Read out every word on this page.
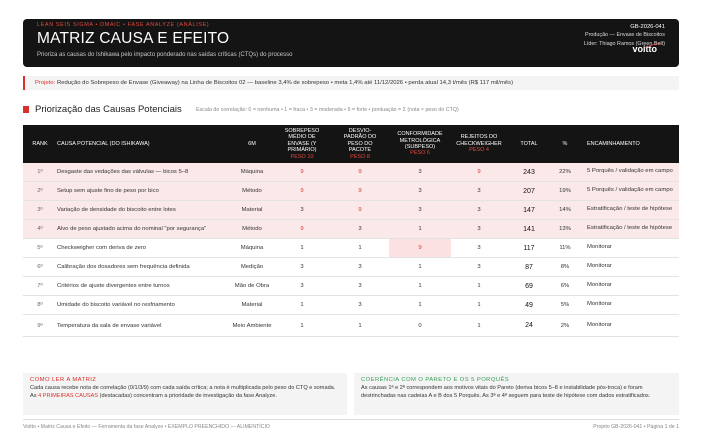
LEAN SEIS SIGMA • DMAIC • FASE ANALYZE (ANÁLISE)
MATRIZ CAUSA E EFEITO
Prioriza as causas do Ishikawa pelo impacto ponderado nas saídas críticas (CTQs) do processo
GB-2026-041
Produção — Envase de Biscoitos
Líder: Thiago Ramos (Green Belt)
voitto
Projeto: Redução do Sobrepeso de Envase (Giveaway) na Linha de Biscoitos 02 — baseline 3,4% de sobrepeso • meta 1,4% até 11/12/2026 • perda atual 14,3 t/mês (R$ 117 mil/mês)
Priorização das Causas Potenciais	Escala de correlação: 0 = nenhuma • 1 = fraca • 3 = moderada • 9 = forte • pontuação = Σ (nota × peso do CTQ)
RANK	CAUSA POTENCIAL (DO ISHIKAWA)	6M
SOBREPESO
MÉDIO DE
ENVASE (Y
PRIMÁRIO)
PESO 10
DESVIO-
PADRÃO DO
PESO DO
PACOTE
PESO 8
CONFORMIDADE
METROLÓGICA
(SUBPESO)
PESO 6
REJEITOS DO
CHECKWEIGHER
PESO 4
TOTAL	%	ENCAMINHAMENTO
1º	Desgaste das vedações das válvulas — bicos 5–8	Máquina	9	9	3	9	243	22%	5 Porquês / validação em campo
2º	Setup sem ajuste fino de peso por bico	Método	9	9	3	3	207	19%	5 Porquês / validação em campo
3º	Variação de densidade do biscoito entre lotes	Material	3	9	3	3	147	14%	Estratificação / teste de hipótese
4º	Alvo de peso ajustado acima do nominal "por segurança"	Método	9	3	1	3	141	13%	Estratificação / teste de hipótese
5º	Checkweigher com deriva de zero	Máquina	1	1	9	3	117	11%	Monitorar
6º	Calibração dos dosadores sem frequência definida	Medição	3	3	1	3	87	8%	Monitorar
7º	Critérios de ajuste divergentes entre turnos	Mão de Obra	3	3	1	1	69	6%	Monitorar
8º	Umidade do biscoito variável no resfriamento	Material	1	3	1	1	49	5%	Monitorar
9º	Temperatura da sala de envase variável	Meio Ambiente	1	1	0	1	24	2%	Monitorar
COMO LER A MATRIZ
Cada causa recebe nota de correlação (0/1/3/9) com cada saída crítica; a nota é multiplicada pelo peso do CTQ e somada. As 4 PRIMEIRAS CAUSAS (destacadas) concentram a prioridade de investigação da fase Analyze.
COERÊNCIA COM O PARETO E OS 5 PORQUÊS
As causas 1ª e 2ª correspondem aos motivos vitais do Pareto (deriva bicos 5–8 e instabilidade pós-troca) e foram destrinchadas nas cadeias A e B dos 5 Porquês. As 3ª e 4ª seguem para teste de hipótese com dados estratificados.
Voitto • Matriz Causa e Efeito — Ferramenta da fase Analyze • EXEMPLO PREENCHIDO — ALIMENTÍCIO	Projeto GB-2026-041 • Página 1 de 1
